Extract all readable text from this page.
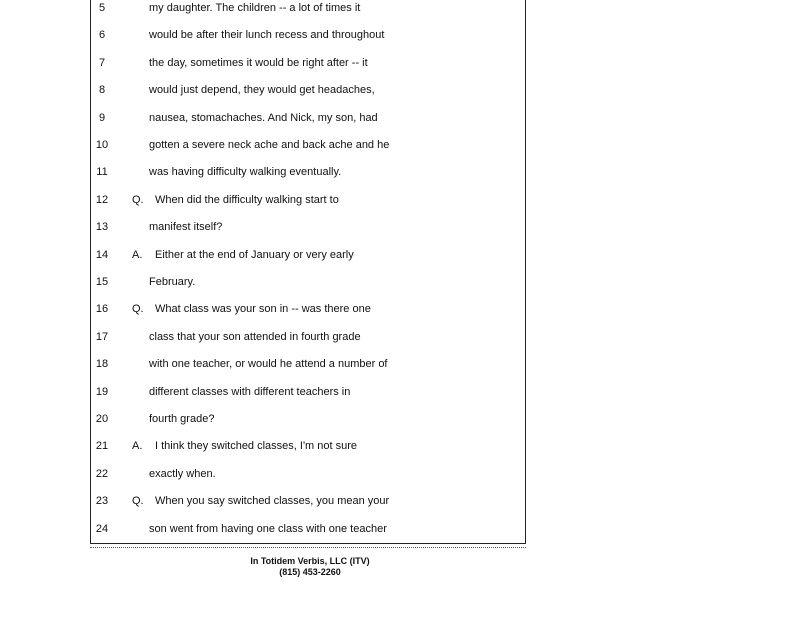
5	my daughter. The children -- a lot of times it
6	would be after their lunch recess and throughout
7	the day, sometimes it would be right after -- it
8	would just depend, they would get headaches,
9	nausea, stomachaches. And Nick, my son, had
10	gotten a severe neck ache and back ache and he
11	was having difficulty walking eventually.
12	Q. When did the difficulty walking start to
13	manifest itself?
14	A. Either at the end of January or very early
15	February.
16	Q. What class was your son in -- was there one
17	class that your son attended in fourth grade
18	with one teacher, or would he attend a number of
19	different classes with different teachers in
20	fourth grade?
21	A. I think they switched classes, I'm not sure
22	exactly when.
23	Q. When you say switched classes, you mean your
24	son went from having one class with one teacher
In Totidem Verbis, LLC (ITV)
(815) 453-2260
